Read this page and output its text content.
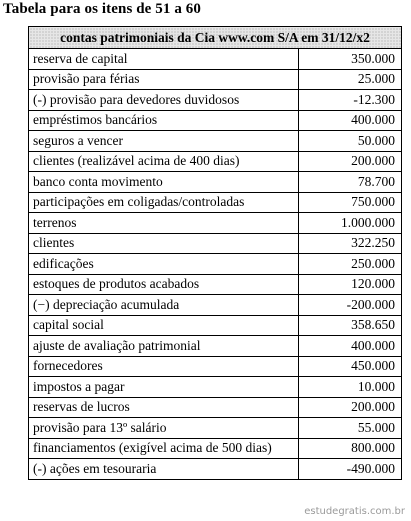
Tabela para os itens de 51 a 60
contas patrimoniais da Cia www.com S/A em 31/12/x2	
reserva de capital	350.000
provisão para férias	25.000
(-) provisão para devedores duvidosos	-12.300
empréstimos bancários	400.000
seguros a vencer	50.000
clientes (realizável acima de 400 dias)	200.000
banco conta movimento	78.700
participações em coligadas/controladas	750.000
terrenos	1.000.000
clientes	322.250
edificações	250.000
estoques de produtos acabados	120.000
(−) depreciação acumulada	-200.000
capital social	358.650
ajuste de avaliação patrimonial	400.000
fornecedores	450.000
impostos a pagar	10.000
reservas de lucros	200.000
provisão para 13º salário	55.000
financiamentos (exigível acima de 500 dias)	800.000
(-) ações em tesouraria	-490.000
estudegratis.com.br
